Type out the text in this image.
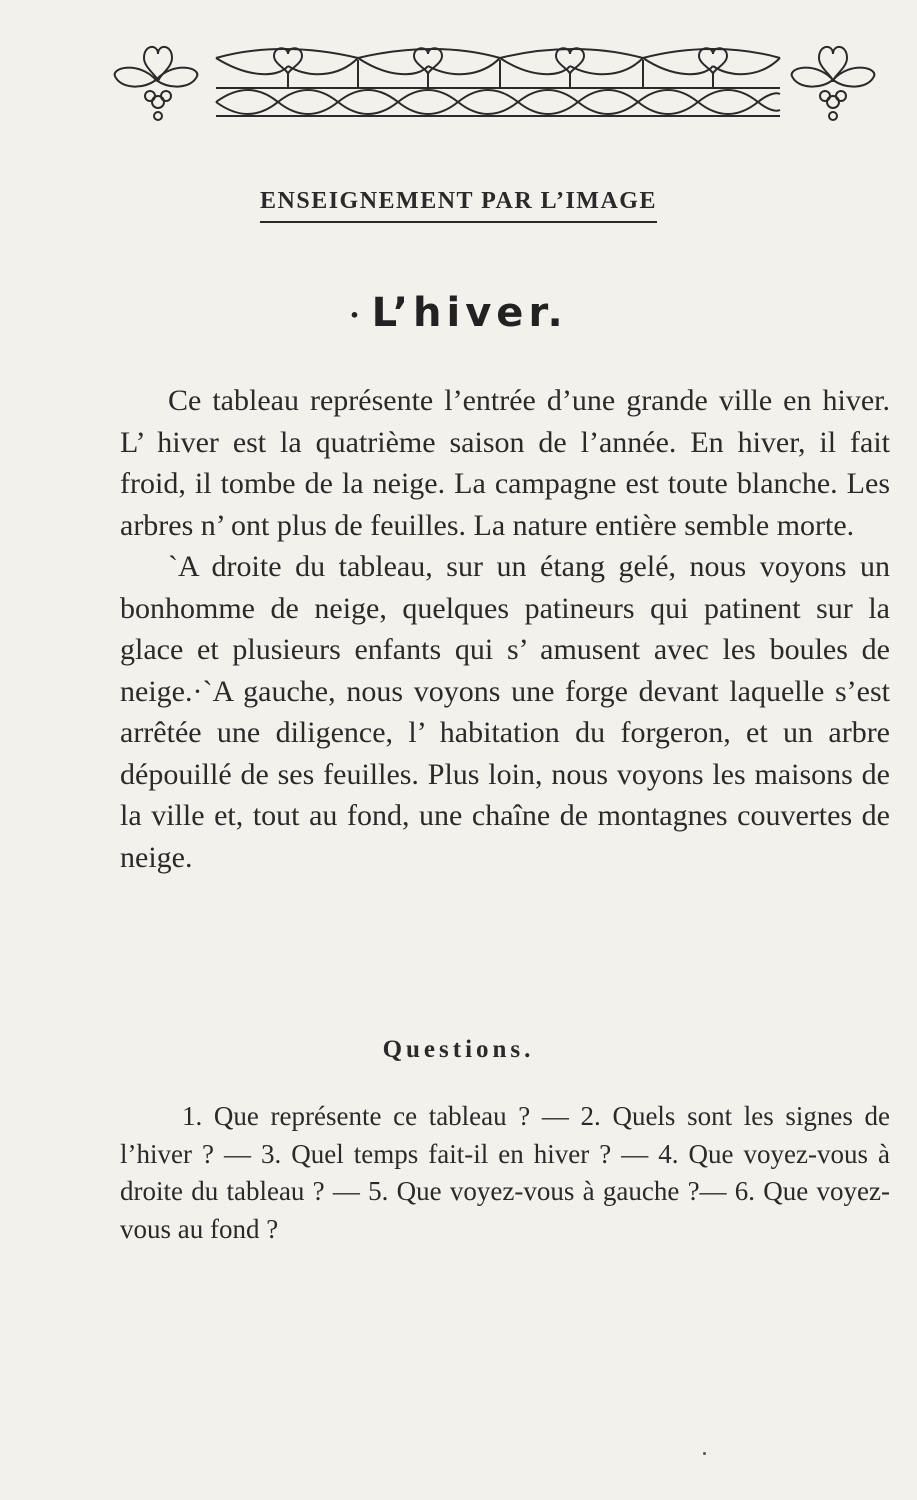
ENSEIGNEMENT PAR L’IMAGE
• L’hiver.

Ce tableau représente l’entrée d’une grande ville en hiver. L’ hiver est la quatrième saison de l’année. En hiver, il fait froid, il tombe de la neige. La campagne est toute blanche. Les arbres n’ ont plus de feuilles. La nature entière semble morte.

`A droite du tableau, sur un étang gelé, nous voyons un bonhomme de neige, quelques patineurs qui patinent sur la glace et plusieurs enfants qui s’ amusent avec les boules de neige.·`A gauche, nous voyons une forge devant laquelle s’est arrêtée une diligence, l’ habitation du forgeron, et un arbre dépouillé de ses feuilles. Plus loin, nous voyons les maisons de la ville et, tout au fond, une chaîne de montagnes couvertes de neige.

Questions.

1. Que représente ce tableau ? — 2. Quels sont les signes de l’hiver ? — 3. Quel temps fait-il en hiver ? — 4. Que voyez-vous à droite du tableau ? — 5. Que voyez-vous à gauche ?— 6. Que voyez-vous au fond ?
